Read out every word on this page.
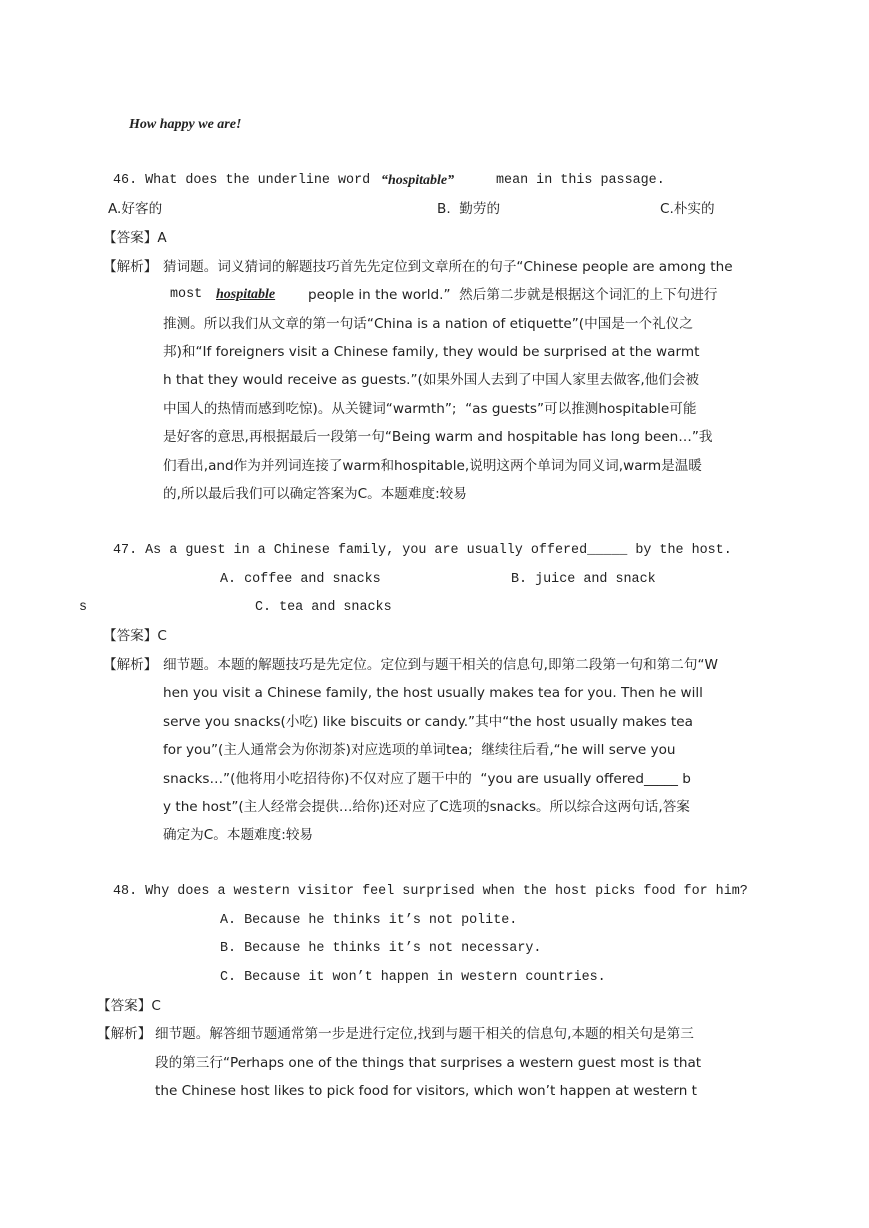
How happy we are!
46. What does the underline word “hospitable”	mean in this passage.
A.好客的	B.  勤劳的	C.朴实的
【答案】A
【解析】 猜词题。词义猜词的解题技巧首先先定位到文章所在的句子“Chinese people are among the
most hospitable people in the world.”  然后第二步就是根据这个词汇的上下句进行
推测。所以我们从文章的第一句话“China is a nation of etiquette”(中国是一个礼仪之
邦)和“If foreigners visit a Chinese family, they would be surprised at the warmt
h that they would receive as guests.”(如果外国人去到了中国人家里去做客,他们会被
中国人的热情而感到吃惊)。从关键词“warmth”;  “as guests”可以推测hospitable可能
是好客的意思,再根据最后一段第一句“Being warm and hospitable has long been…”我
们看出,and作为并列词连接了warm和hospitable,说明这两个单词为同义词,warm是温暖
的,所以最后我们可以确定答案为C。本题难度:较易
47. As a guest in a Chinese family, you are usually offered_____ by the host.
A. coffee and snacks	B. juice and snack
s	C. tea and snacks
【答案】C
【解析】 细节题。本题的解题技巧是先定位。定位到与题干相关的信息句,即第二段第一句和第二句“W
hen you visit a Chinese family, the host usually makes tea for you. Then he will
serve you snacks(小吃) like biscuits or candy.”其中“the host usually makes tea
for you”(主人通常会为你沏茶)对应选项的单词tea;  继续往后看,“he will serve you
snacks…”(他将用小吃招待你)不仅对应了题干中的  “you are usually offered_____ b
y the host”(主人经常会提供…给你)还对应了C选项的snacks。所以综合这两句话,答案
确定为C。本题难度:较易
48. Why does a western visitor feel surprised when the host picks food for him?
A. Because he thinks it’s not polite.
B. Because he thinks it’s not necessary.
C. Because it won’t happen in western countries.
【答案】C
【解析】 细节题。解答细节题通常第一步是进行定位,找到与题干相关的信息句,本题的相关句是第三
段的第三行“Perhaps one of the things that surprises a western guest most is that
the Chinese host likes to pick food for visitors, which won’t happen at western t
